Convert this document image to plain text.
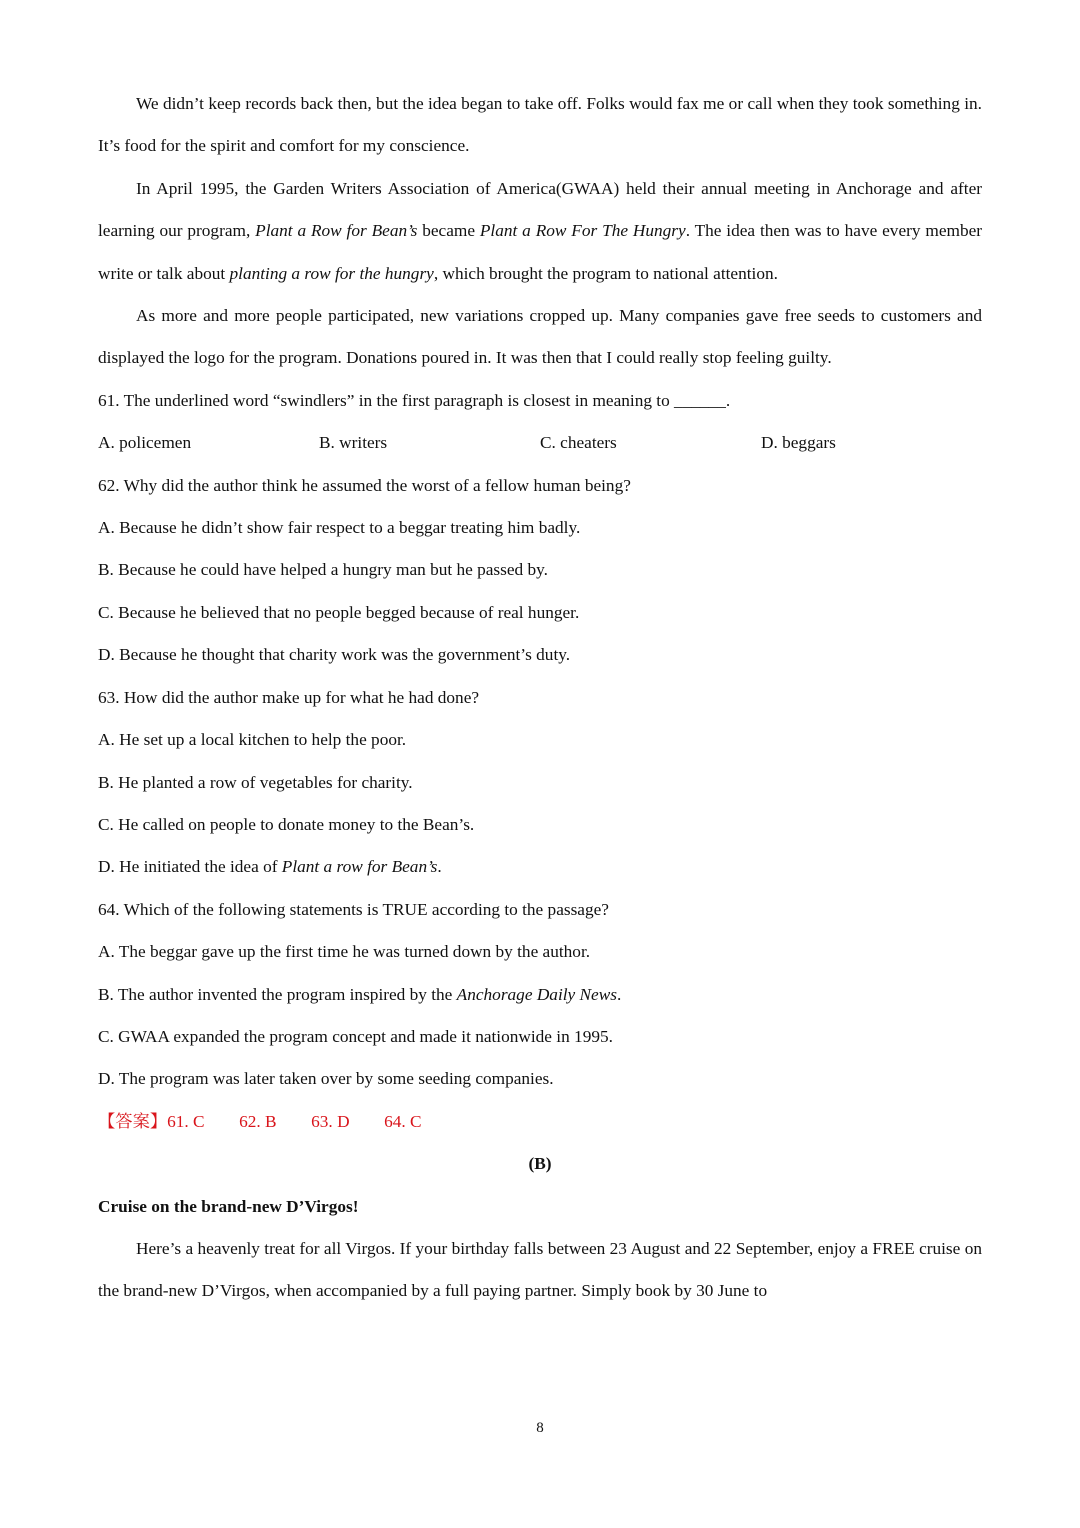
We didn’t keep records back then, but the idea began to take off. Folks would fax me or call when they took something in. It’s food for the spirit and comfort for my conscience.

In April 1995, the Garden Writers Association of America(GWAA) held their annual meeting in Anchorage and after learning our program, Plant a Row for Bean’s became Plant a Row For The Hungry. The idea then was to have every member write or talk about planting a row for the hungry, which brought the program to national attention.

As more and more people participated, new variations cropped up. Many companies gave free seeds to customers and displayed the logo for the program. Donations poured in. It was then that I could really stop feeling guilty.

61. The underlined word “swindlers” in the first paragraph is closest in meaning to ______.

A. policemen	B. writers	C. cheaters	D. beggars

62. Why did the author think he assumed the worst of a fellow human being?

A. Because he didn’t show fair respect to a beggar treating him badly.

B. Because he could have helped a hungry man but he passed by.

C. Because he believed that no people begged because of real hunger.

D. Because he thought that charity work was the government’s duty.

63. How did the author make up for what he had done?

A. He set up a local kitchen to help the poor.

B. He planted a row of vegetables for charity.

C. He called on people to donate money to the Bean’s.

D. He initiated the idea of Plant a row for Bean’s.

64. Which of the following statements is TRUE according to the passage?

A. The beggar gave up the first time he was turned down by the author.

B. The author invented the program inspired by the Anchorage Daily News.

C. GWAA expanded the program concept and made it nationwide in 1995.

D. The program was later taken over by some seeding companies.

【答案】61. C        62. B        63. D        64. C

(B)

Cruise on the brand-new D’Virgos!

Here’s a heavenly treat for all Virgos. If your birthday falls between 23 August and 22 September, enjoy a FREE cruise on the brand-new D’Virgos, when accompanied by a full paying partner. Simply book by 30 June to

8
